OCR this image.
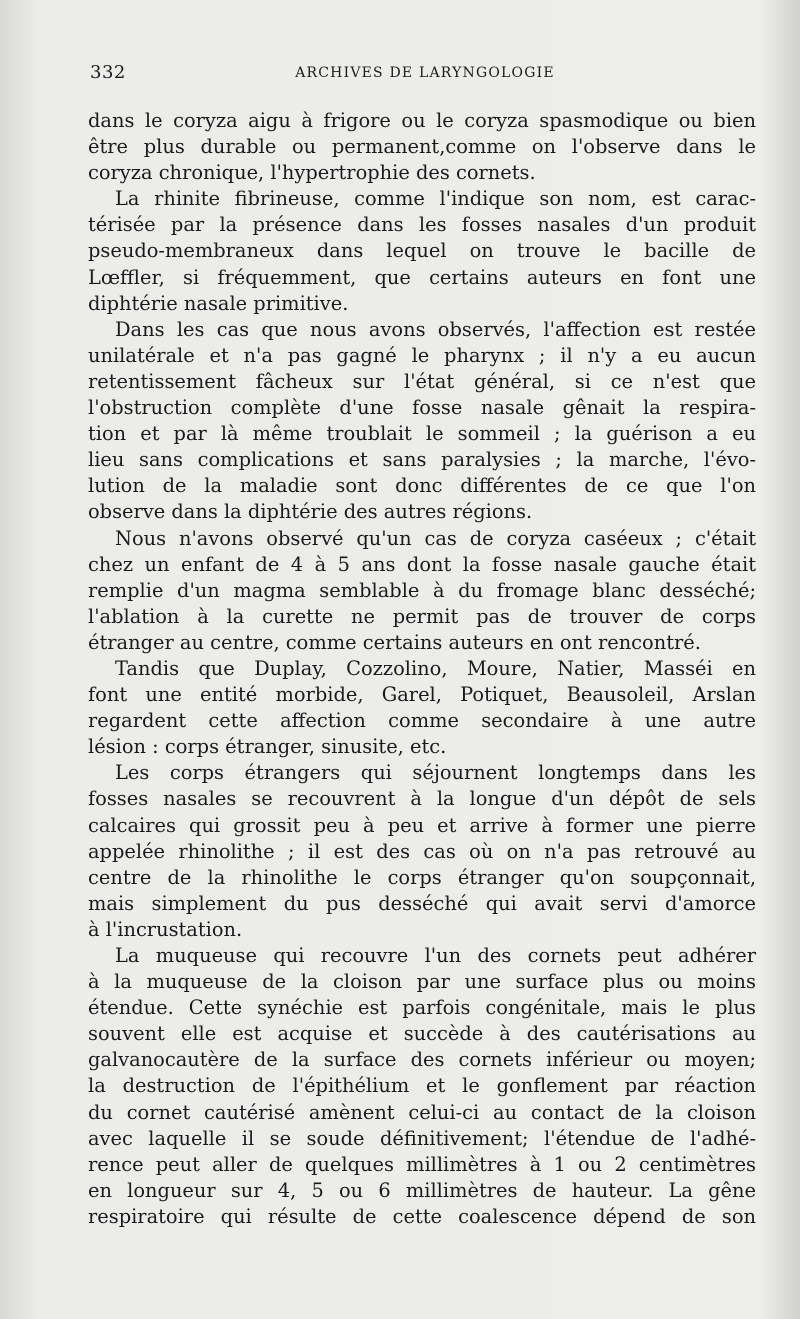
332	ARCHIVES DE LARYNGOLOGIE
dans le coryza aigu à frigore ou le coryza spasmodique ou bien
être plus durable ou permanent,comme on l'observe dans le
coryza chronique, l'hypertrophie des cornets.
La rhinite fibrineuse, comme l'indique son nom, est carac-
térisée par la présence dans les fosses nasales d'un produit
pseudo-membraneux dans lequel on trouve le bacille de
Lœffler, si fréquemment, que certains auteurs en font une
diphtérie nasale primitive.
Dans les cas que nous avons observés, l'affection est restée
unilatérale et n'a pas gagné le pharynx ; il n'y a eu aucun
retentissement fâcheux sur l'état général, si ce n'est que
l'obstruction complète d'une fosse nasale gênait la respira-
tion et par là même troublait le sommeil ; la guérison a eu
lieu sans complications et sans paralysies ; la marche, l'évo-
lution de la maladie sont donc différentes de ce que l'on
observe dans la diphtérie des autres régions.
Nous n'avons observé qu'un cas de coryza caséeux ; c'était
chez un enfant de 4 à 5 ans dont la fosse nasale gauche était
remplie d'un magma semblable à du fromage blanc desséché;
l'ablation à la curette ne permit pas de trouver de corps
étranger au centre, comme certains auteurs en ont rencontré.
Tandis que Duplay, Cozzolino, Moure, Natier, Masséi en
font une entité morbide, Garel, Potiquet, Beausoleil, Arslan
regardent cette affection comme secondaire à une autre
lésion : corps étranger, sinusite, etc.
Les corps étrangers qui séjournent longtemps dans les
fosses nasales se recouvrent à la longue d'un dépôt de sels
calcaires qui grossit peu à peu et arrive à former une pierre
appelée rhinolithe ; il est des cas où on n'a pas retrouvé au
centre de la rhinolithe le corps étranger qu'on soupçonnait,
mais simplement du pus desséché qui avait servi d'amorce
à l'incrustation.
La muqueuse qui recouvre l'un des cornets peut adhérer
à la muqueuse de la cloison par une surface plus ou moins
étendue. Cette synéchie est parfois congénitale, mais le plus
souvent elle est acquise et succède à des cautérisations au
galvanocautère de la surface des cornets inférieur ou moyen;
la destruction de l'épithélium et le gonflement par réaction
du cornet cautérisé amènent celui-ci au contact de la cloison
avec laquelle il se soude définitivement; l'étendue de l'adhé-
rence peut aller de quelques millimètres à 1 ou 2 centimètres
en longueur sur 4, 5 ou 6 millimètres de hauteur. La gêne
respiratoire qui résulte de cette coalescence dépend de son
